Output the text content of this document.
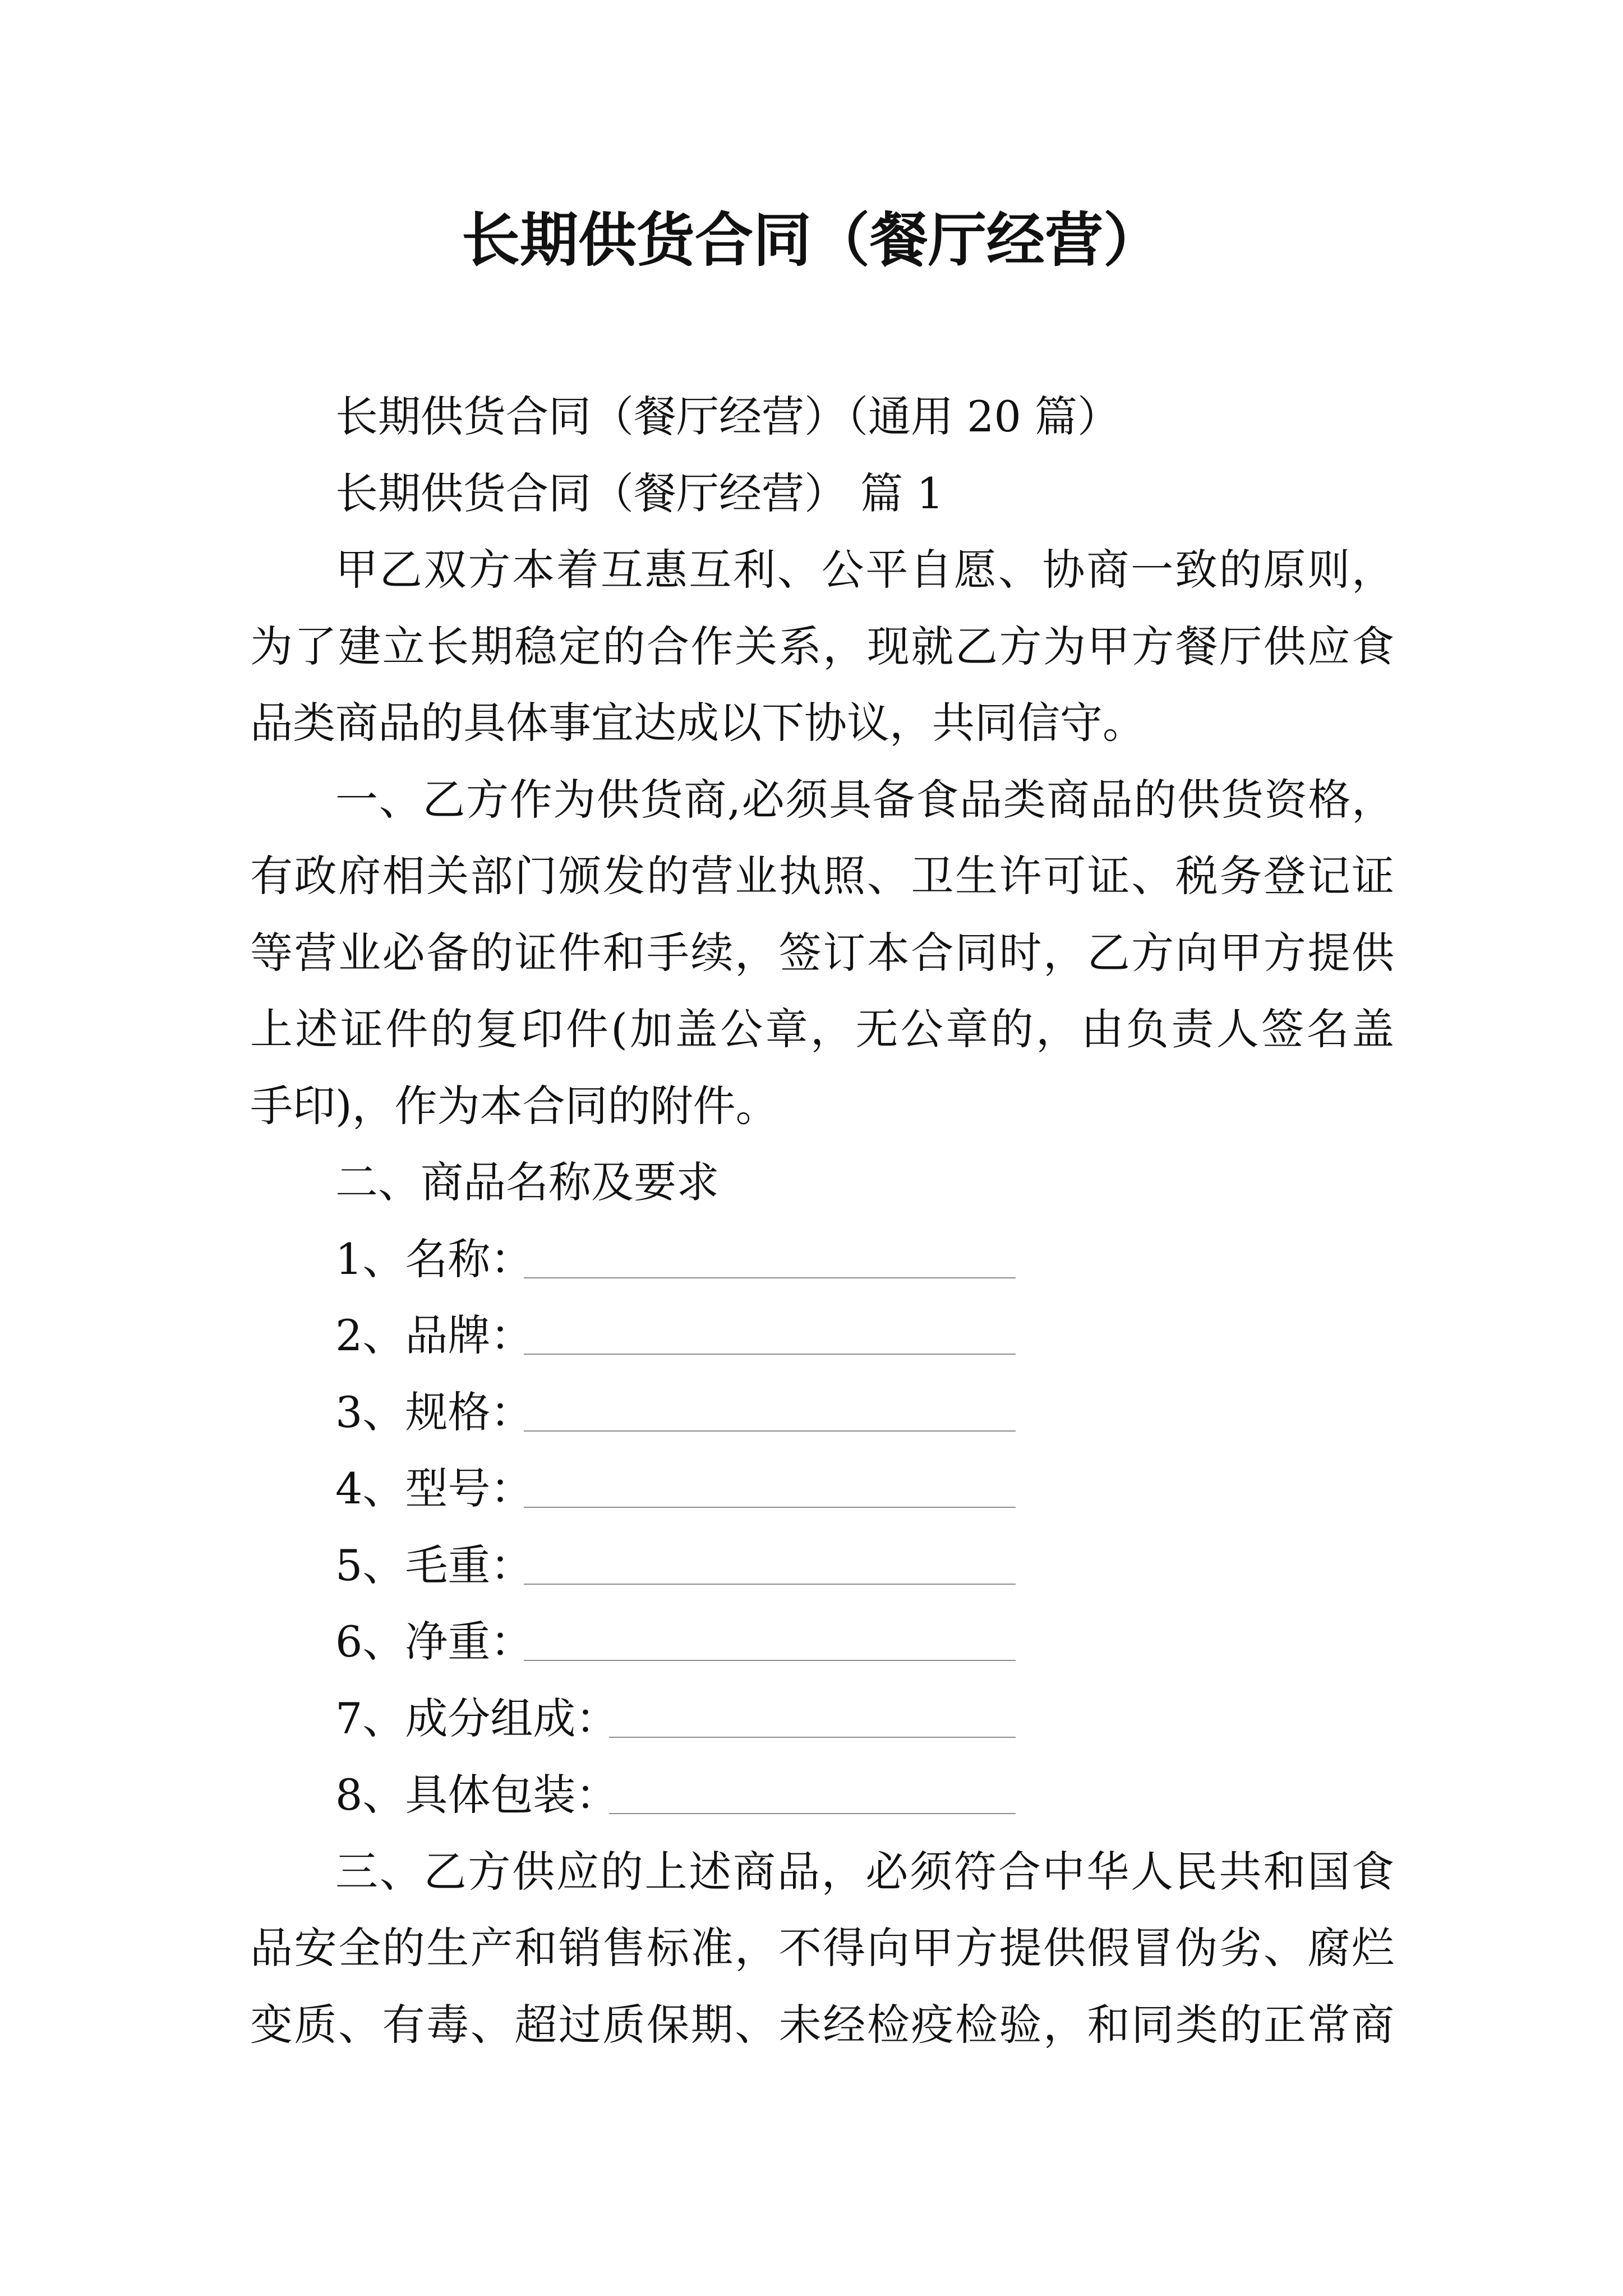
长期供货合同（餐厅经营）
长期供货合同（餐厅经营）（通用 20 篇）
长期供货合同（餐厅经营） 篇 1
甲乙双方本着互惠互利、公平自愿、协商一致的原则，
为了建立长期稳定的合作关系，现就乙方为甲方餐厅供应食
品类商品的具体事宜达成以下协议，共同信守。
一、乙方作为供货商,必须具备食品类商品的供货资格，
有政府相关部门颁发的营业执照、卫生许可证、税务登记证
等营业必备的证件和手续，签订本合同时，乙方向甲方提供
上述证件的复印件(加盖公章，无公章的，由负责人签名盖
手印)，作为本合同的附件。
二、商品名称及要求
1、名称：
2、品牌：
3、规格：
4、型号：
5、毛重：
6、净重：
7、成分组成：
8、具体包装：
三、乙方供应的上述商品，必须符合中华人民共和国食
品安全的生产和销售标准，不得向甲方提供假冒伪劣、腐烂
变质、有毒、超过质保期、未经检疫检验，和同类的正常商
